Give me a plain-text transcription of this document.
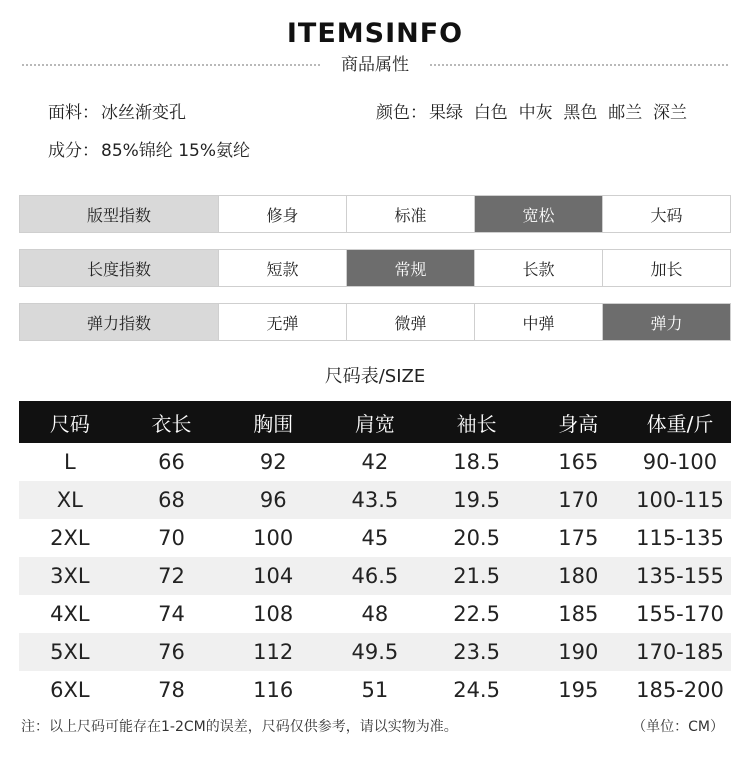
ITEMSINFO
商品属性
面料： 冰丝渐变孔	颜色： 果绿  白色  中灰  黑色  邮兰  深兰
成分： 85%锦纶 15%氨纶
版型指数	修身	标准	宽松	大码
长度指数	短款	常规	长款	加长
弹力指数	无弹	微弹	中弹	弹力
尺码表/SIZE
尺码	衣长	胸围	肩宽	袖长	身高	体重/斤
L	66	92	42	18.5	165	90-100
XL	68	96	43.5	19.5	170	100-115
2XL	70	100	45	20.5	175	115-135
3XL	72	104	46.5	21.5	180	135-155
4XL	74	108	48	22.5	185	155-170
5XL	76	112	49.5	23.5	190	170-185
6XL	78	116	51	24.5	195	185-200
注：以上尺码可能存在1-2CM的误差，尺码仅供参考，请以实物为准。	（单位：CM）
